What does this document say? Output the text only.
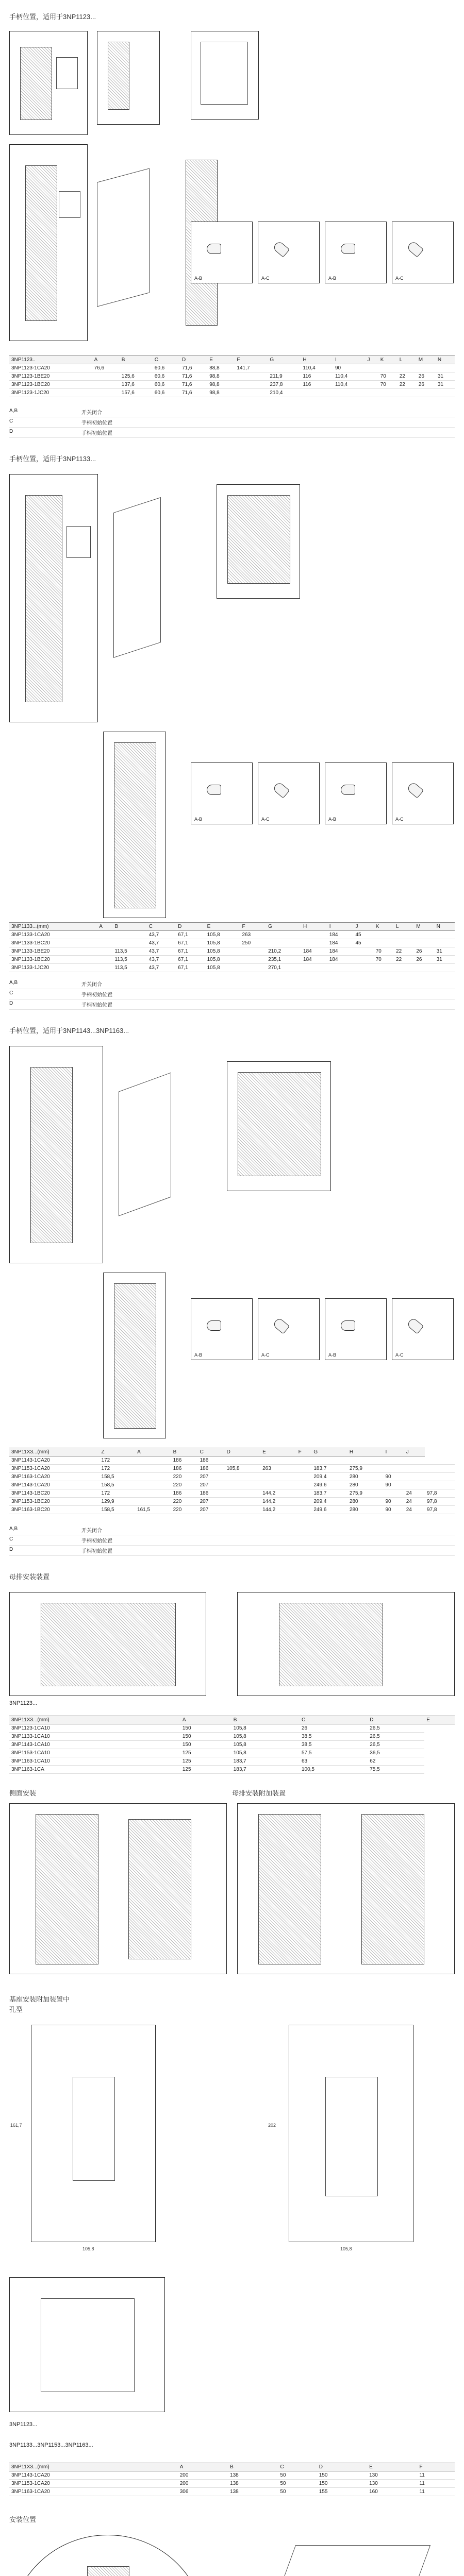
手柄位置，适用于3NP1123...
A-B	A-C	A-B	A-C
3NP1123..	A	B	C	D	E	F	G	H	I	J	K	L	M	N
3NP1123-1CA20	76,6		60,6	71,6	88,8	141,7		110,4	90					
3NP1123-1BE20		125,6	60,6	71,6	98,8		211,9	116	110,4		70	22	26	31
3NP1123-1BC20		137,6	60,6	71,6	98,8		237,8	116	110,4		70	22	26	31
3NP1123-1JC20		157,6	60,6	71,6	98,8		210,4							
A,B	开关闭合
C	手柄初始位置
D	手柄初始位置
手柄位置，适用于3NP1133...
A-B	A-C	A-B	A-C
3NP1133...(mm)	A	B	C	D	E	F	G	H	I	J	K	L	M	N
3NP1133-1CA20			43,7	67,1	105,8	263			184	45				
3NP1133-1BC20			43,7	67,1	105,8	250			184	45				
3NP1133-1BE20		113,5	43,7	67,1	105,8		210,2	184	184		70	22	26	31
3NP1133-1BC20		113,5	43,7	67,1	105,8		235,1	184	184		70	22	26	31
3NP1133-1JC20		113,5	43,7	67,1	105,8		270,1							
A,B	开关闭合
C	手柄初始位置
D	手柄初始位置
手柄位置，适用于3NP1143...3NP1163...
A-B	A-C	A-B	A-C
3NP11X3...(mm)	Z	A	B	C	D	E	F	G	H	I	J	
3NP1143-1CA20	172		186	186								
3NP1153-1CA20	172		186	186	105,8	263		183,7	275,9			
3NP1163-1CA20	158,5		220	207				209,4	280	90		
3NP1143-1CA20	158,5		220	207				249,6	280	90		
3NP1143-1BC20	172		186	186		144,2		183,7	275,9		24	97,8
3NP1153-1BC20	129,9		220	207		144,2		209,4	280	90	24	97,8
3NP1163-1BC20	158,5	161,5	220	207		144,2		249,6	280	90	24	97,8
A,B	开关闭合
C	手柄初始位置
D	手柄初始位置
母排安装装置
3NP1123...
3NP11X3...(mm)	A	B	C	D	E
3NP1123-1CA10	150	105,8	26	26,5	
3NP1133-1CA10	150	105,8	38,5	26,5	
3NP1143-1CA10	150	105,8	38,5	26,5	
3NP1153-1CA10	125	105,8	57,5	36,5	
3NP1163-1CA10	125	183,7	63	62	
3NP1163-1CA	125	183,7	100,5	75,5	
侧面安装	母排安装附加装置
基座安装附加装置中
孔型
161,7
105,8
202
105,8
3NP1123...
3NP1133...3NP1153...3NP1163...
3NP11X3...(mm)	A	B	C	D	E	F
3NP1143-1CA20	200	138	50	150	130	11
3NP1153-1CA20	200	138	50	150	130	11
3NP1163-1CA20	306	138	50	155	160	11
安装位置
